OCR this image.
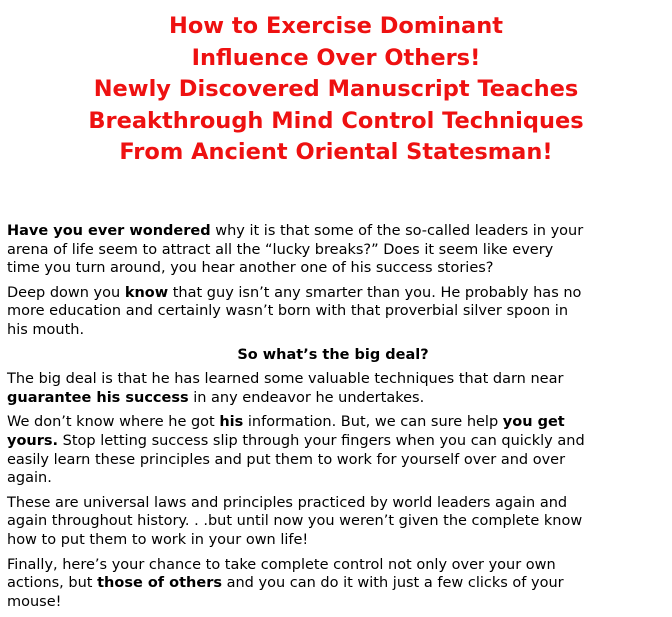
How to Exercise Dominant
Influence Over Others!
Newly Discovered Manuscript Teaches
Breakthrough Mind Control Techniques
From Ancient Oriental Statesman!

Have you ever wondered why it is that some of the so-called leaders in your
arena of life seem to attract all the “lucky breaks?” Does it seem like every
time you turn around, you hear another one of his success stories?

Deep down you know that guy isn’t any smarter than you. He probably has no
more education and certainly wasn’t born with that proverbial silver spoon in
his mouth.

So what’s the big deal?

The big deal is that he has learned some valuable techniques that darn near
guarantee his success in any endeavor he undertakes.

We don’t know where he got his information. But, we can sure help you get
yours. Stop letting success slip through your fingers when you can quickly and
easily learn these principles and put them to work for yourself over and over
again.

These are universal laws and principles practiced by world leaders again and
again throughout history. . .but until now you weren’t given the complete know
how to put them to work in your own life!

Finally, here’s your chance to take complete control not only over your own
actions, but those of others and you can do it with just a few clicks of your
mouse!
